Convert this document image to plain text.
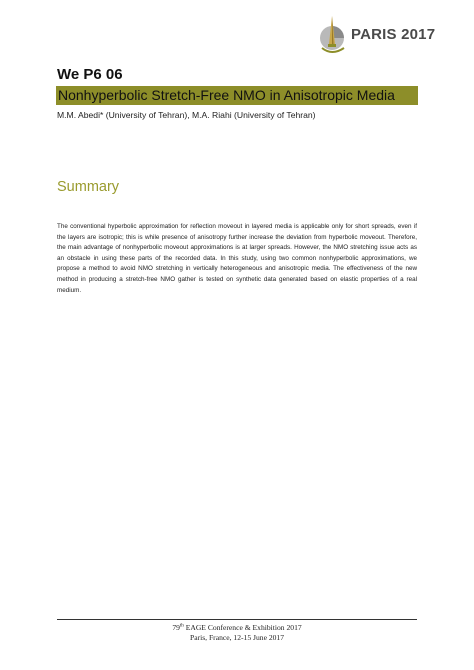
PARIS 2017
We P6 06
Nonhyperbolic Stretch-Free NMO in Anisotropic Media
M.M. Abedi* (University of Tehran), M.A. Riahi (University of Tehran)
Summary
The conventional hyperbolic approximation for reflection moveout in layered media is applicable only for short spreads, even if the layers are isotropic; this is while presence of anisotropy further increase the deviation from hyperbolic moveout. Therefore, the main advantage of nonhyperbolic moveout approximations is at larger spreads. However, the NMO stretching issue acts as an obstacle in using these parts of the recorded data. In this study, using two common nonhyperbolic approximations, we propose a method to avoid NMO stretching in vertically heterogeneous and anisotropic media. The effectiveness of the new method in producing a stretch-free NMO gather is tested on synthetic data generated based on elastic properties of a real medium.
79th EAGE Conference & Exhibition 2017
Paris, France, 12-15 June 2017
